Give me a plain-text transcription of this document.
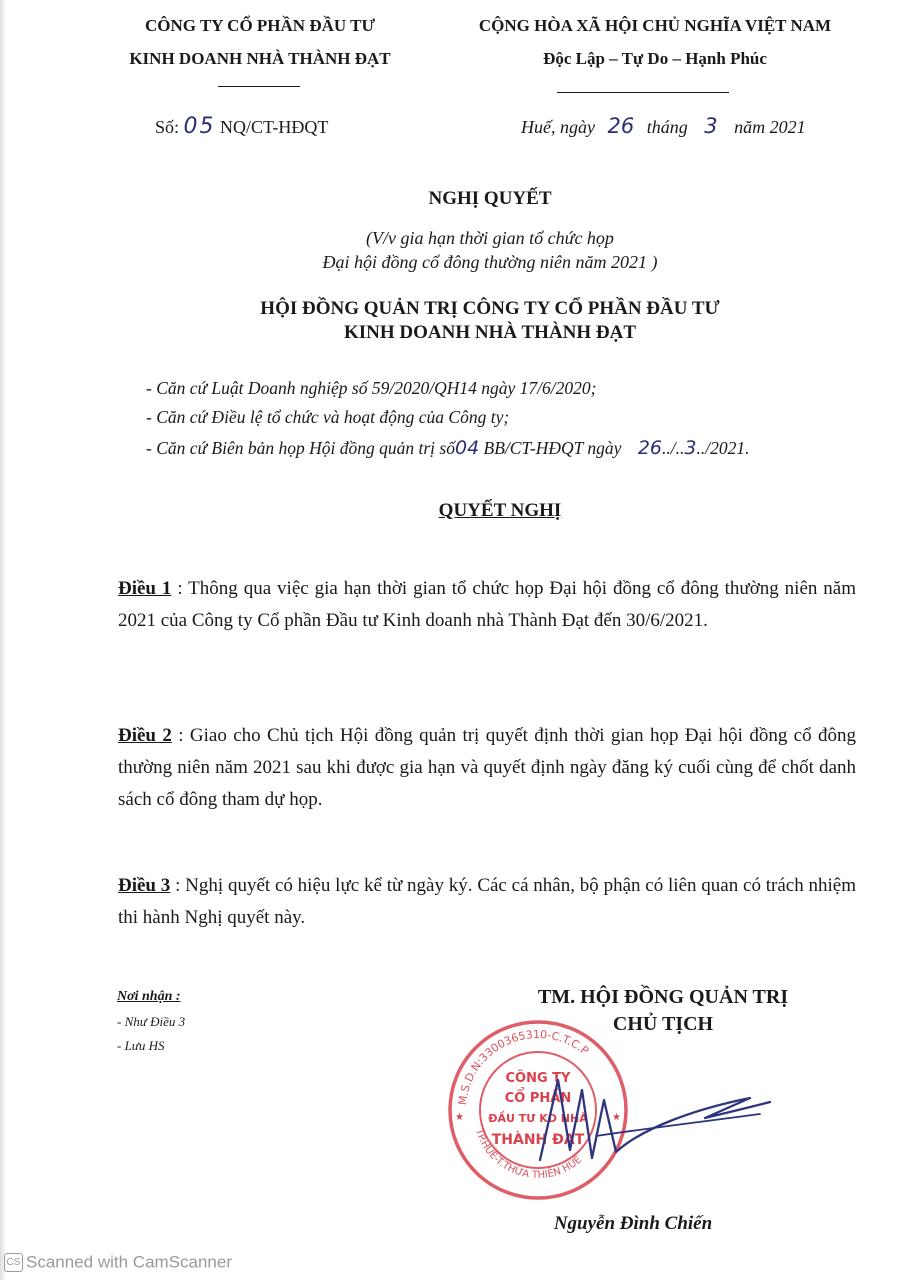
CÔNG TY CỔ PHẦN ĐẦU TƯ
KINH DOANH NHÀ THÀNH ĐẠT
CỘNG HÒA XÃ HỘI CHỦ NGHĨA VIỆT NAM
Độc Lập – Tự Do – Hạnh Phúc
Số: 05 NQ/CT-HĐQT	Huế, ngày 26 tháng 3 năm 2021
NGHỊ QUYẾT
(V/v gia hạn thời gian tổ chức họp
Đại hội đồng cổ đông thường niên năm 2021 )
HỘI ĐỒNG QUẢN TRỊ CÔNG TY CỔ PHẦN ĐẦU TƯ
KINH DOANH NHÀ THÀNH ĐẠT
- Căn cứ Luật Doanh nghiệp số 59/2020/QH14 ngày 17/6/2020;
- Căn cứ Điều lệ tổ chức và hoạt động của Công ty;
- Căn cứ Biên bản họp Hội đồng quản trị số04 BB/CT-HĐQT ngày 26../..3../2021.
QUYẾT NGHỊ
Điều 1 : Thông qua việc gia hạn thời gian tổ chức họp Đại hội đồng cổ đông thường niên năm 2021 của Công ty Cổ phần Đầu tư Kinh doanh nhà Thành Đạt đến 30/6/2021.
Điều 2 : Giao cho Chủ tịch Hội đồng quản trị quyết định thời gian họp Đại hội đồng cổ đông thường niên năm 2021 sau khi được gia hạn và quyết định ngày đăng ký cuối cùng để chốt danh sách cổ đông tham dự họp.
Điều 3 : Nghị quyết có hiệu lực kể từ ngày ký. Các cá nhân, bộ phận có liên quan có trách nhiệm thi hành Nghị quyết này.
Nơi nhận :
- Như Điều 3
- Lưu HS
TM. HỘI ĐỒNG QUẢN TRỊ
CHỦ TỊCH
M.S.D.N:3300365310-C.T.C.P
TP.HUẾ-T.THỪA THIÊN HUẾ
★	★
CÔNG TY
CỔ PHẦN
ĐẦU TƯ KD NHÀ
THÀNH ĐẠT
Nguyễn Đình Chiến
CS Scanned with CamScanner
